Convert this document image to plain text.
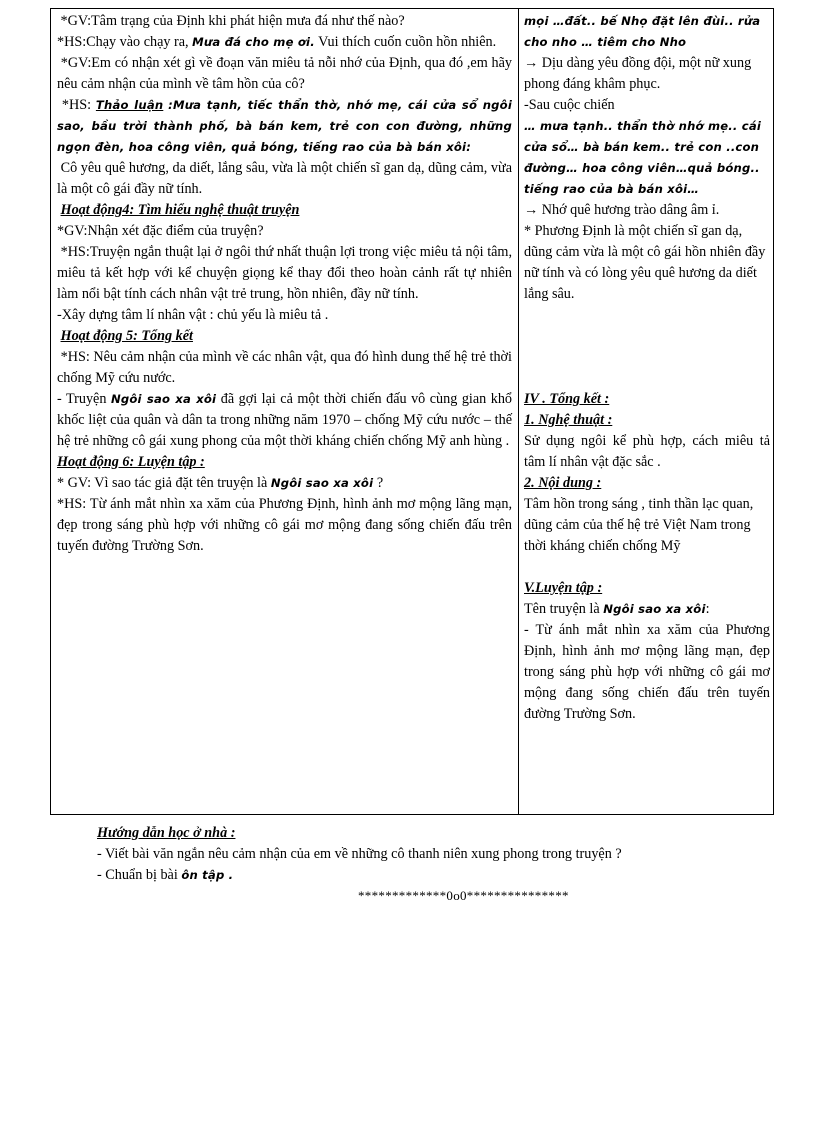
*GV:Tâm trạng của Định khi phát hiện mưa đá như thế nào?

*HS:Chạy vào chạy ra, Mưa đá cho mẹ ơi. Vui thích cuốn cuồn hồn nhiên.

*GV:Em có nhận xét gì về đoạn văn miêu tả nỗi nhớ của Định, qua đó ,em hãy nêu cảm nhận của mình về tâm hồn của cô?

*HS: Thảo luận :Mưa tạnh, tiếc thẩn thờ, nhớ mẹ, cái cửa sổ ngôi sao, bầu trời thành phố, bà bán kem, trẻ con con đường, những ngọn đèn, hoa công viên, quả bóng, tiếng rao của bà bán xôi:

Cô yêu quê hương, da diết, lắng sâu, vừa là một chiến sĩ gan dạ, dũng cảm, vừa là một cô gái đầy nữ tính.

Hoạt động4: Tìm hiểu nghệ thuật truyện

*GV:Nhận xét đặc điểm của truyện?

*HS:Truyện ngắn thuật lại ở ngôi thứ nhất thuận lợi trong việc miêu tả nội tâm, miêu tả kết hợp với kể chuyện giọng kể thay đổi theo hoàn cảnh rất tự nhiên làm nổi bật tính cách nhân vật trẻ trung, hồn nhiên, đầy nữ tính.

-Xây dựng tâm lí nhân vật : chủ yếu là miêu tả .

Hoạt động 5: Tổng kết

*HS: Nêu cảm nhận của mình về các nhân vật, qua đó hình dung thế hệ trẻ thời chống Mỹ cứu nước.

- Truyện Ngôi sao xa xôi đã gợi lại cả một thời chiến đấu vô cùng gian khổ khốc liệt của quân và dân ta trong những năm 1970 – chống Mỹ cứu nước – thế hệ trẻ những cô gái xung phong của một thời kháng chiến chống Mỹ anh hùng .

Hoạt động 6: Luyện tập :

* GV: Vì sao tác giả đặt tên truyện là Ngôi sao xa xôi ?

*HS: Từ ánh mắt nhìn xa xăm của Phương Định, hình ảnh mơ mộng lãng mạn, đẹp trong sáng phù hợp với những cô gái mơ mộng đang sống chiến đấu trên tuyến đường Trường Sơn.

mọi …đất.. bế Nhọ đặt lên đùi.. rửa cho nho … tiêm cho Nho

→ Dịu dàng yêu đồng đội, một nữ xung phong đáng khâm phục.

-Sau cuộc chiến

… mưa tạnh.. thẩn thờ nhớ mẹ.. cái cửa sổ… bà bán kem.. trẻ con ..con đường… hoa công viên…quả bóng.. tiếng rao của bà bán xôi…

→ Nhớ quê hương trào dâng âm ỉ.

* Phương Định là một chiến sĩ gan dạ, dũng cảm vừa là một cô gái hồn nhiên đầy nữ tính và có lòng yêu quê hương da diết lắng sâu.

IV . Tổng kết :

1. Nghệ thuật :

Sử dụng ngôi kể phù hợp, cách miêu tả tâm lí nhân vật đặc sắc .

2. Nội dung :

Tâm hồn trong sáng , tinh thần lạc quan, dũng cảm của thế hệ trẻ Việt Nam trong thời kháng chiến chống Mỹ

V.Luyện tập :

Tên truyện là Ngôi sao xa xôi:

- Từ ánh mắt nhìn xa xăm của Phương Định, hình ảnh mơ mộng lãng mạn, đẹp trong sáng phù hợp với những cô gái mơ mộng đang sống chiến đấu trên tuyến đường Trường Sơn.

Hướng dẫn học ở nhà :

- Viết bài văn ngắn nêu cảm nhận của em về những cô thanh niên xung phong trong truyện ?

- Chuẩn bị bài ôn tập .

*************0o0***************
